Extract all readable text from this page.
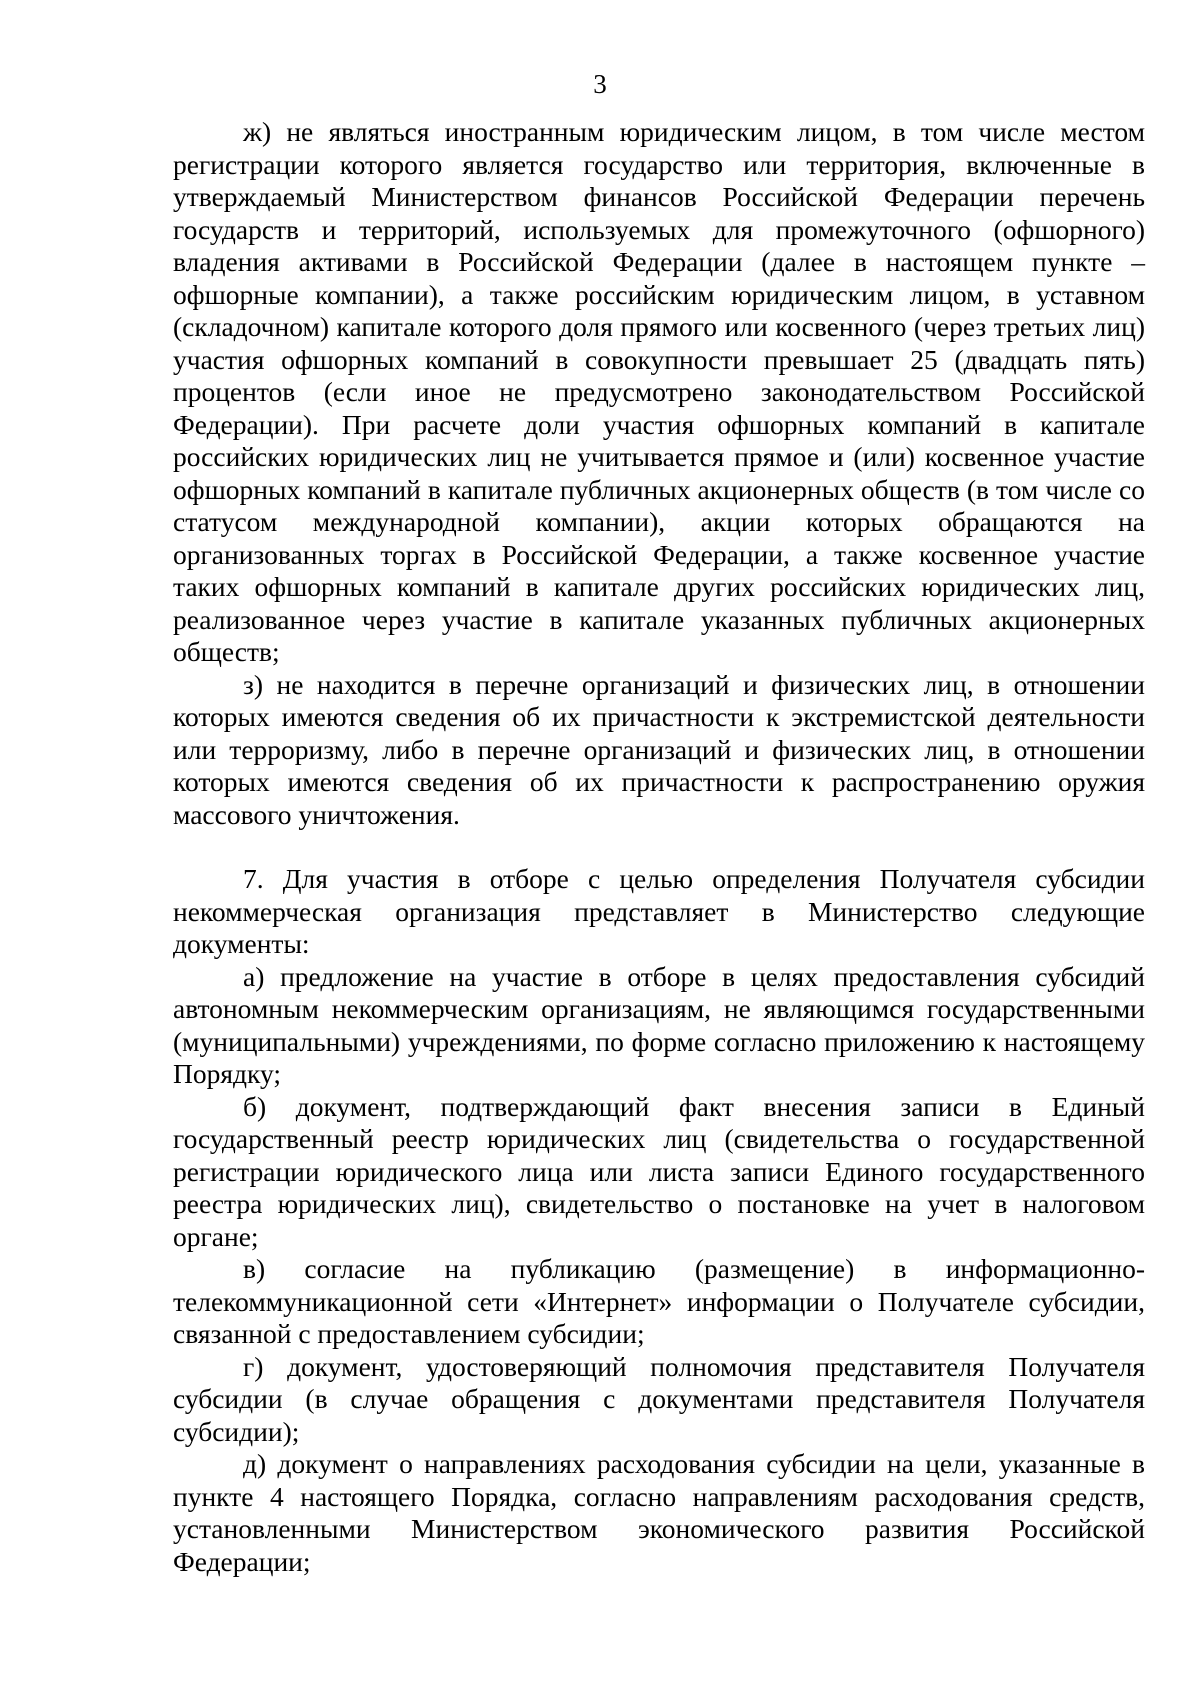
3

ж) не являться иностранным юридическим лицом, в том числе местом регистрации которого является государство или территория, включенные в утверждаемый Министерством финансов Российской Федерации перечень государств и территорий, используемых для промежуточного (офшорного) владения активами в Российской Федерации (далее в настоящем пункте – офшорные компании), а также российским юридическим лицом, в уставном (складочном) капитале которого доля прямого или косвенного (через третьих лиц) участия офшорных компаний в совокупности превышает 25 (двадцать пять) процентов (если иное не предусмотрено законодательством Российской Федерации). При расчете доли участия офшорных компаний в капитале российских юридических лиц не учитывается прямое и (или) косвенное участие офшорных компаний в капитале публичных акционерных обществ (в том числе со статусом международной компании), акции которых обращаются на организованных торгах в Российской Федерации, а также косвенное участие таких офшорных компаний в капитале других российских юридических лиц, реализованное через участие в капитале указанных публичных акционерных обществ;

з) не находится в перечне организаций и физических лиц, в отношении которых имеются сведения об их причастности к экстремистской деятельности или терроризму, либо в перечне организаций и физических лиц, в отношении которых имеются сведения об их причастности к распространению оружия массового уничтожения.

7. Для участия в отборе с целью определения Получателя субсидии некоммерческая организация представляет в Министерство следующие документы:

а) предложение на участие в отборе в целях предоставления субсидий автономным некоммерческим организациям, не являющимся государственными (муниципальными) учреждениями, по форме согласно приложению к настоящему Порядку;

б) документ, подтверждающий факт внесения записи в Единый государственный реестр юридических лиц (свидетельства о государственной регистрации юридического лица или листа записи Единого государственного реестра юридических лиц), свидетельство о постановке на учет в налоговом органе;

в) согласие на публикацию (размещение) в информационно-телекоммуникационной сети «Интернет» информации о Получателе субсидии, связанной с предоставлением субсидии;

г) документ, удостоверяющий полномочия представителя Получателя субсидии (в случае обращения с документами представителя Получателя субсидии);

д) документ о направлениях расходования субсидии на цели, указанные в пункте 4 настоящего Порядка, согласно направлениям расходования средств, установленными Министерством экономического развития Российской Федерации;
